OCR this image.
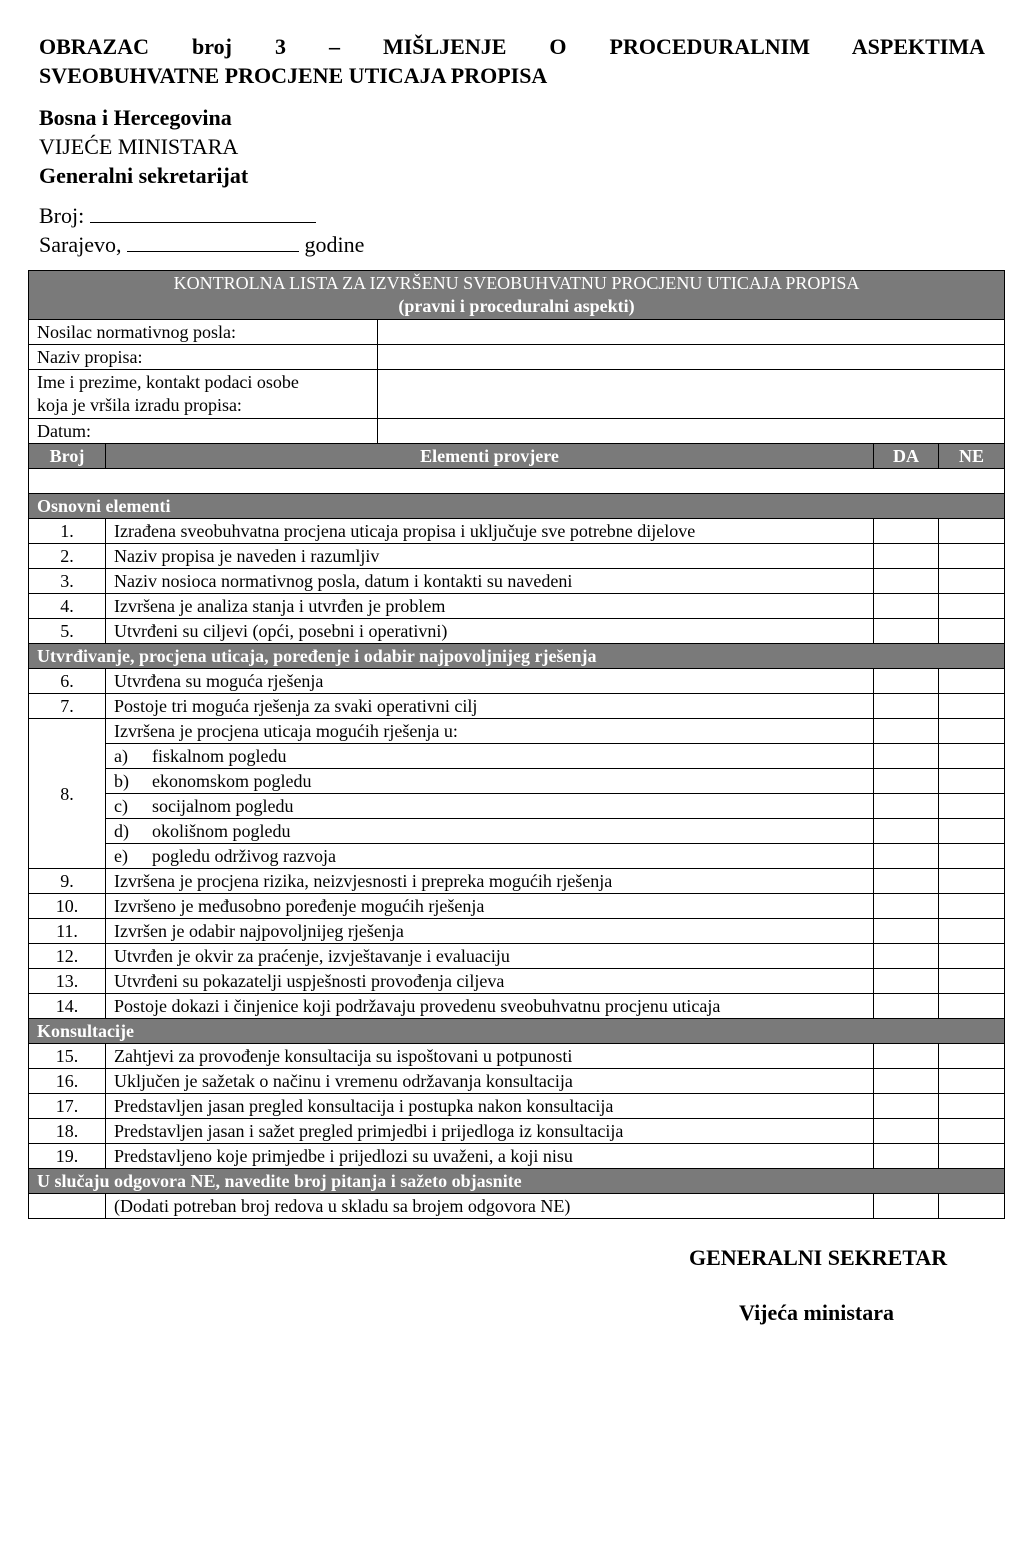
OBRAZAC broj 3 – MIŠLJENJE O PROCEDURALNIM ASPEKTIMA
SVEOBUHVATNE PROCJENE UTICAJA PROPISA
Bosna i Hercegovina
VIJEĆE MINISTARA
Generalni sekretarijat
Broj:
Sarajevo,	godine
KONTROLNA LISTA ZA IZVRŠENU SVEOBUHVATNU PROCJENU UTICAJA PROPISA
(pravni i proceduralni aspekti)				

Nosilac normativnog posla:				
Naziv propisa:				

Ime i prezime, kontakt podaci osobe
koja je vršila izradu propisa:				

Datum:				
Broj	Elementi provjere		DA	NE

Osnovni elementi				
1.	Izrađena sveobuhvatna procjena uticaja propisa i uključuje sve potrebne dijelove			
2.	Naziv propisa je naveden i razumljiv			
3.	Naziv nosioca normativnog posla, datum i kontakti su navedeni			
4.	Izvršena je analiza stanja i utvrđen je problem			
5.	Utvrđeni su ciljevi (opći, posebni i operativni)			
Utvrđivanje, procjena uticaja, poređenje i odabir najpovoljnijeg rješenja				
6.	Utvrđena su moguća rješenja			
7.	Postoje tri moguća rješenja za svaki operativni cilj			
8.	Izvršena je procjena uticaja mogućih rješenja u:			
	a) fiskalnom pogledu			
	b) ekonomskom pogledu			
	c) socijalnom pogledu			
	d) okolišnom pogledu			
	e) pogledu održivog razvoja			
9.	Izvršena je procjena rizika, neizvjesnosti i prepreka mogućih rješenja			
10.	Izvršeno je međusobno poređenje mogućih rješenja			
11.	Izvršen je odabir najpovoljnijeg rješenja			
12.	Utvrđen je okvir za praćenje, izvještavanje i evaluaciju			
13.	Utvrđeni su pokazatelji uspješnosti provođenja ciljeva			
14.	Postoje dokazi i činjenice koji podržavaju provedenu sveobuhvatnu procjenu uticaja			
Konsultacije				
15.	Zahtjevi za provođenje konsultacija su ispoštovani u potpunosti			
16.	Uključen je sažetak o načinu i vremenu održavanja konsultacija			
17.	Predstavljen jasan pregled konsultacija i postupka nakon konsultacija			
18.	Predstavljen jasan i sažet pregled primjedbi i prijedloga iz konsultacija			
19.	Predstavljeno koje primjedbe i prijedlozi su uvaženi, a koji nisu			
U slučaju odgovora NE, navedite broj pitanja i sažeto objasnite				
	(Dodati potreban broj redova u skladu sa brojem odgovora NE)			
GENERALNI SEKRETAR
Vijeća ministara
